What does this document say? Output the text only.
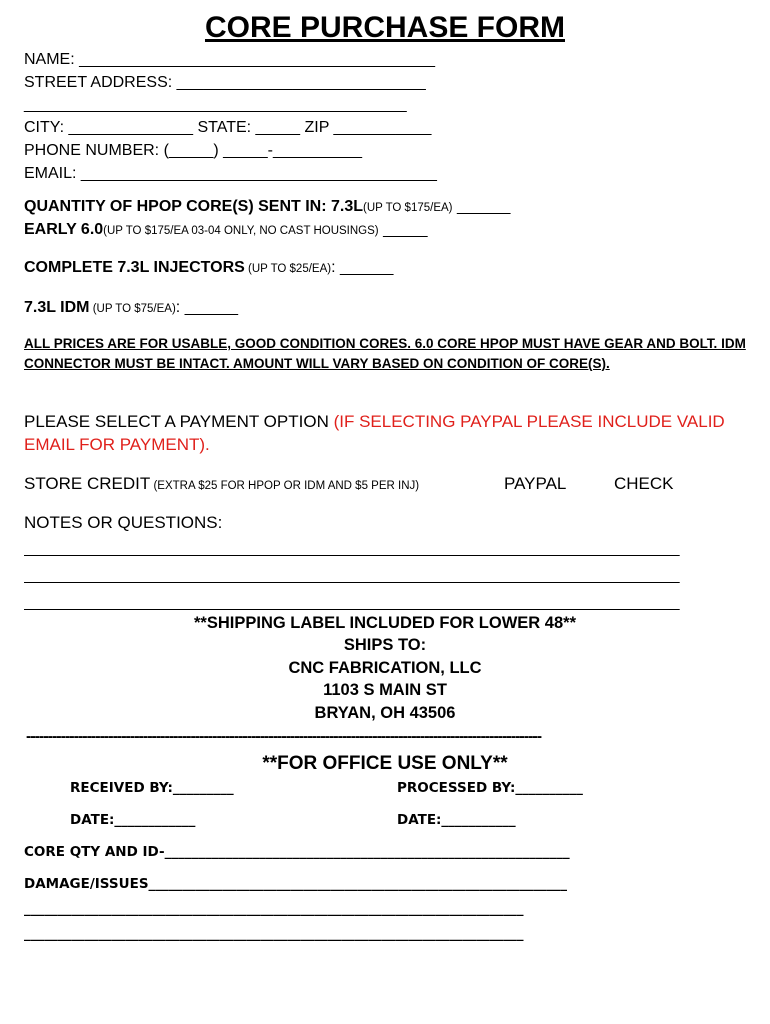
CORE PURCHASE FORM
NAME: ________________________________________
STREET ADDRESS: ____________________________
___________________________________________
CITY: ______________ STATE: _____ ZIP ___________
PHONE NUMBER: (_____) _____-__________
EMAIL: ________________________________________
QUANTITY OF HPOP CORE(S) SENT IN: 7.3L(UP TO $175/EA) ______
EARLY 6.0(UP TO $175/EA 03-04 ONLY, NO CAST HOUSINGS) _____
COMPLETE 7.3L INJECTORS (UP TO $25/EA): ______
7.3L IDM (UP TO $75/EA): ______
ALL PRICES ARE FOR USABLE, GOOD CONDITION CORES. 6.0 CORE HPOP MUST HAVE GEAR AND BOLT. IDM CONNECTOR MUST BE INTACT. AMOUNT WILL VARY BASED ON CONDITION OF CORE(S).
PLEASE SELECT A PAYMENT OPTION (IF SELECTING PAYPAL PLEASE INCLUDE VALID EMAIL FOR PAYMENT).
STORE CREDIT (EXTRA $25 FOR HPOP OR IDM AND $5 PER INJ)	PAYPAL	CHECK
NOTES OR QUESTIONS:
______________________________________________________________________________
______________________________________________________________________________
______________________________________________________________________________
**SHIPPING LABEL INCLUDED FOR LOWER 48**
SHIPS TO:
CNC FABRICATION, LLC
1103 S MAIN ST
BRYAN, OH 43506
-----------------------------------------------------------------------------------------------------------------------
**FOR OFFICE USE ONLY**
RECEIVED BY:_________	PROCESSED BY:__________
DATE:____________	DATE:___________
CORE QTY AND ID-____________________________________________________________
DAMAGE/ISSUES______________________________________________________________
__________________________________________________________________________
__________________________________________________________________________
